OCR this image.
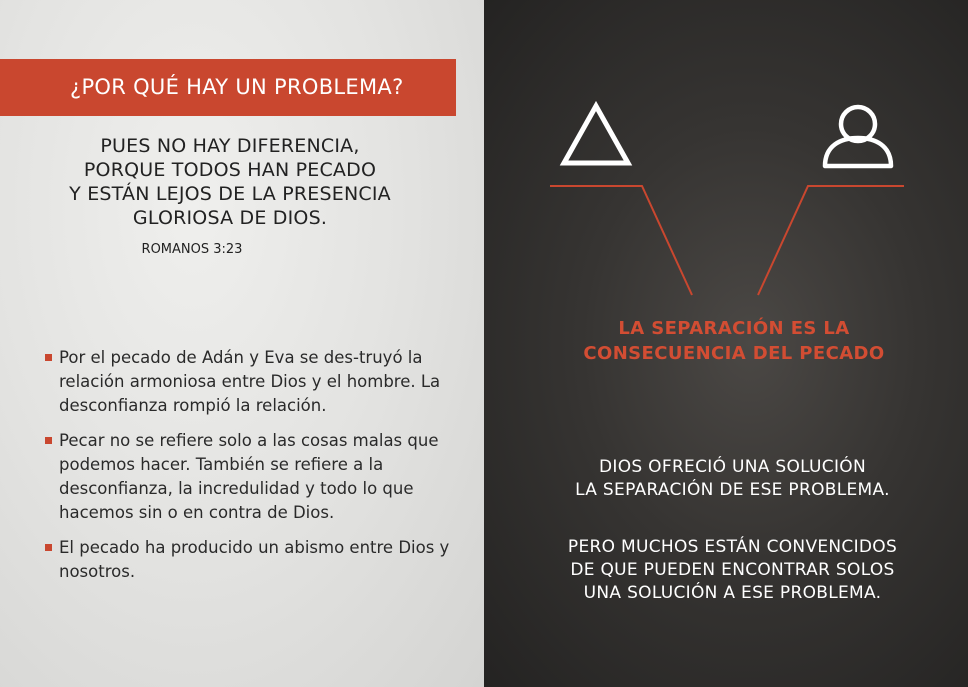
¿POR QUÉ HAY UN PROBLEMA?
PUES NO HAY DIFERENCIA,
PORQUE TODOS HAN PECADO
Y ESTÁN LEJOS DE LA PRESENCIA
GLORIOSA DE DIOS.
ROMANOS 3:23
Por el pecado de Adán y Eva se des-truyó la relación armoniosa entre Dios y el hombre. La desconfianza rompió la relación.
Pecar no se refiere solo a las cosas malas que podemos hacer. También se refiere a la desconfianza, la incredulidad y todo lo que hacemos sin o en contra de Dios.
El pecado ha producido un abismo entre Dios y nosotros.
LA SEPARACIÓN ES LA
CONSECUENCIA DEL PECADO
DIOS OFRECIÓ UNA SOLUCIÓN
LA SEPARACIÓN DE ESE PROBLEMA.
PERO MUCHOS ESTÁN CONVENCIDOS
DE QUE PUEDEN ENCONTRAR SOLOS
UNA SOLUCIÓN A ESE PROBLEMA.
